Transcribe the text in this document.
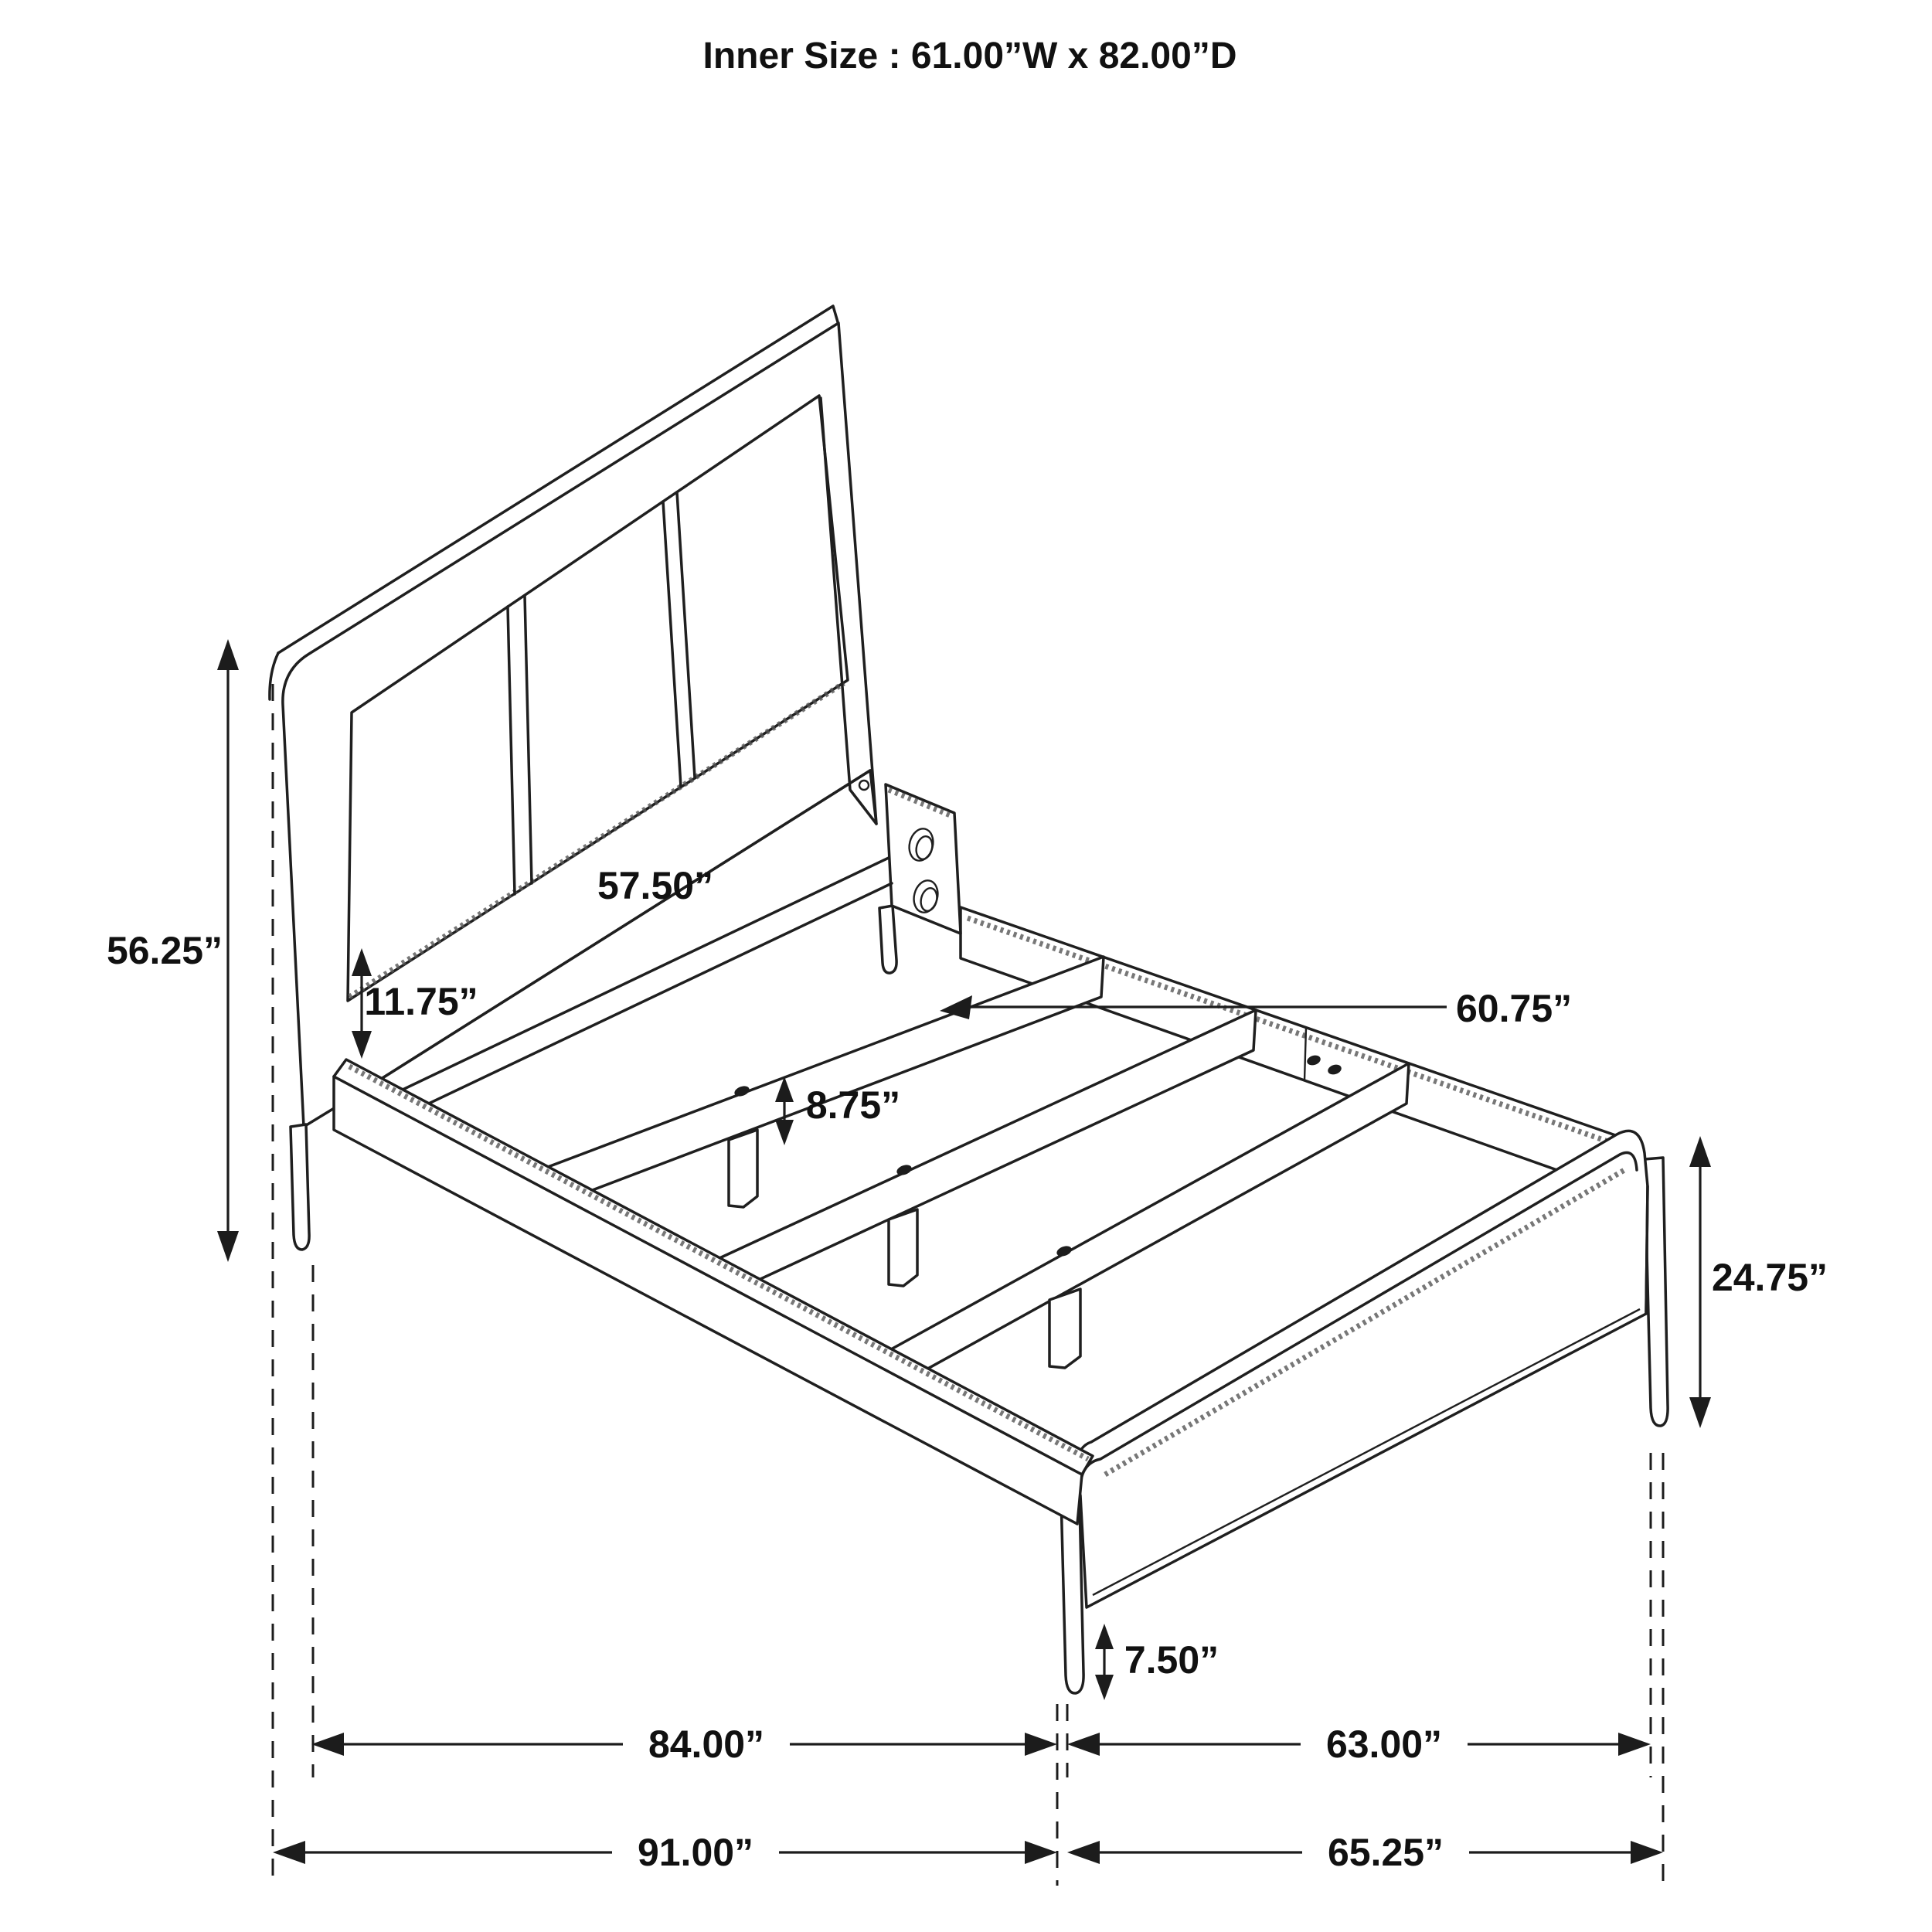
56.25”
57.50”
11.75”
8.75”
60.75”
24.75”
7.50”
84.00”	63.00”
91.00”	65.25”
Inner Size : 61.00”W x 82.00”D
